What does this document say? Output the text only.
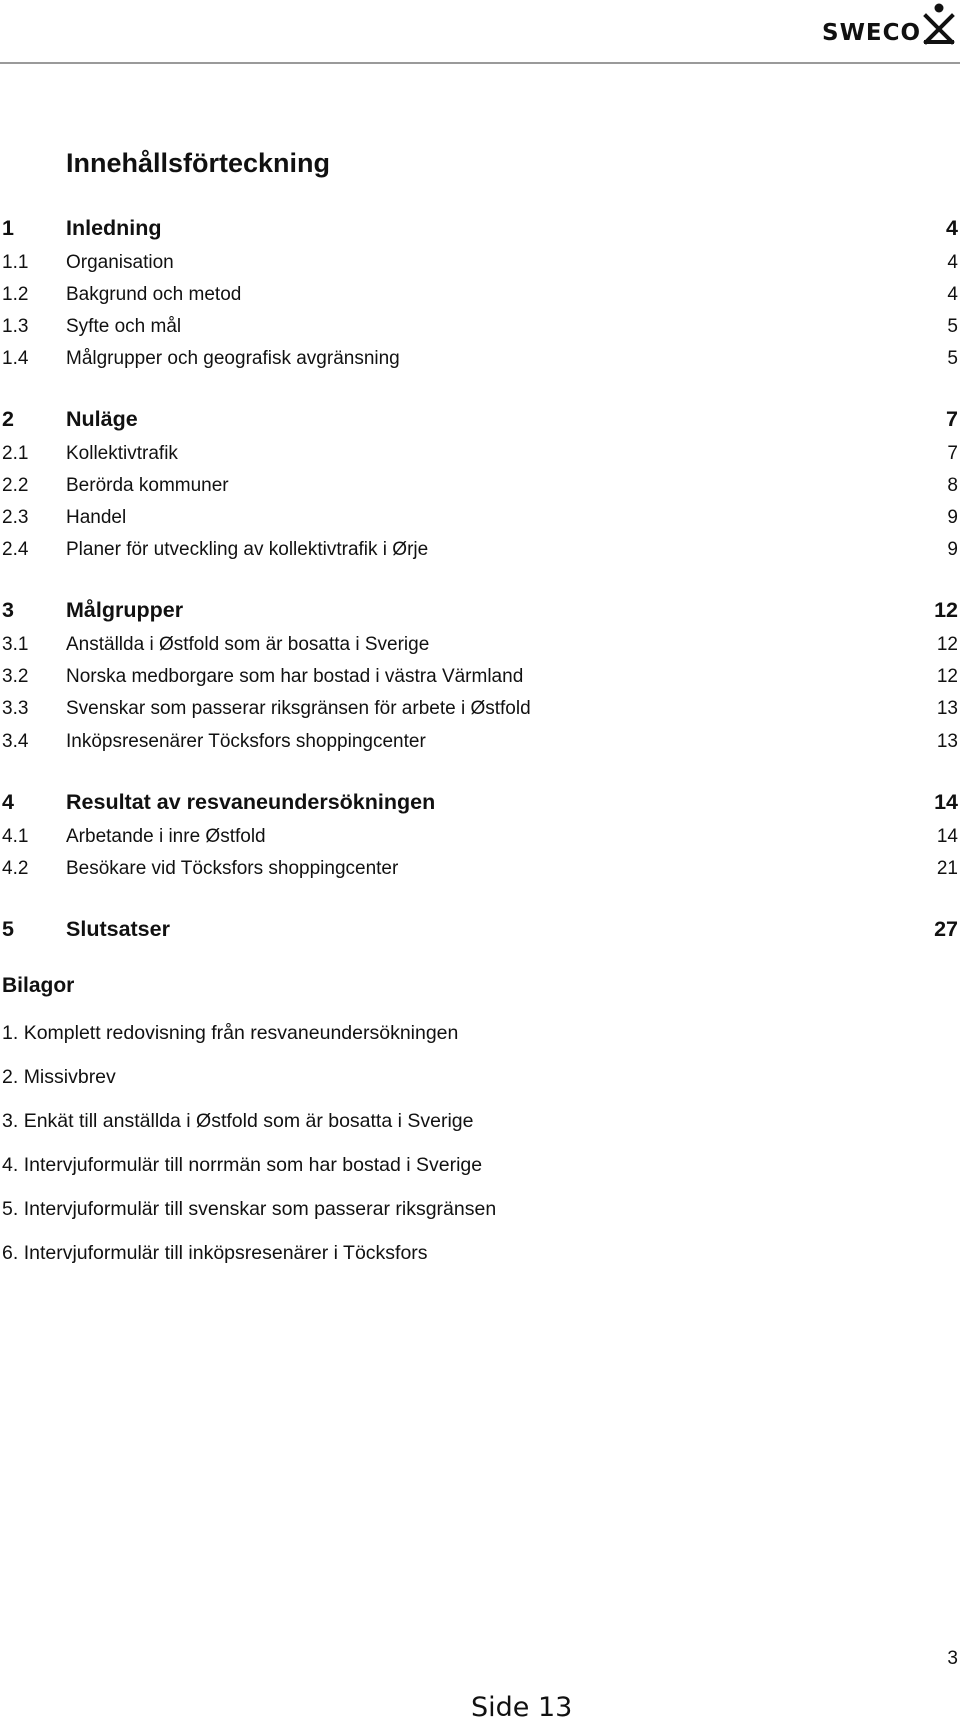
SWECO
Innehållsförteckning
1 Inledning	4
1.1 Organisation	4
1.2 Bakgrund och metod	4
1.3 Syfte och mål	5
1.4 Målgrupper och geografisk avgränsning	5
2 Nuläge	7
2.1 Kollektivtrafik	7
2.2 Berörda kommuner	8
2.3 Handel	9
2.4 Planer för utveckling av kollektivtrafik i Ørje	9
3 Målgrupper	12
3.1 Anställda i Østfold som är bosatta i Sverige	12
3.2 Norska medborgare som har bostad i västra Värmland	12
3.3 Svenskar som passerar riksgränsen för arbete i Østfold	13
3.4 Inköpsresenärer Töcksfors shoppingcenter	13
4 Resultat av resvaneundersökningen	14
4.1 Arbetande i inre Østfold	14
4.2 Besökare vid Töcksfors shoppingcenter	21
5 Slutsatser	27
Bilagor
1. Komplett redovisning från resvaneundersökningen
2. Missivbrev
3. Enkät till anställda i Østfold som är bosatta i Sverige
4. Intervjuformulär till norrmän som har bostad i Sverige
5. Intervjuformulär till svenskar som passerar riksgränsen
6. Intervjuformulär till inköpsresenärer i Töcksfors
3
Side 13
